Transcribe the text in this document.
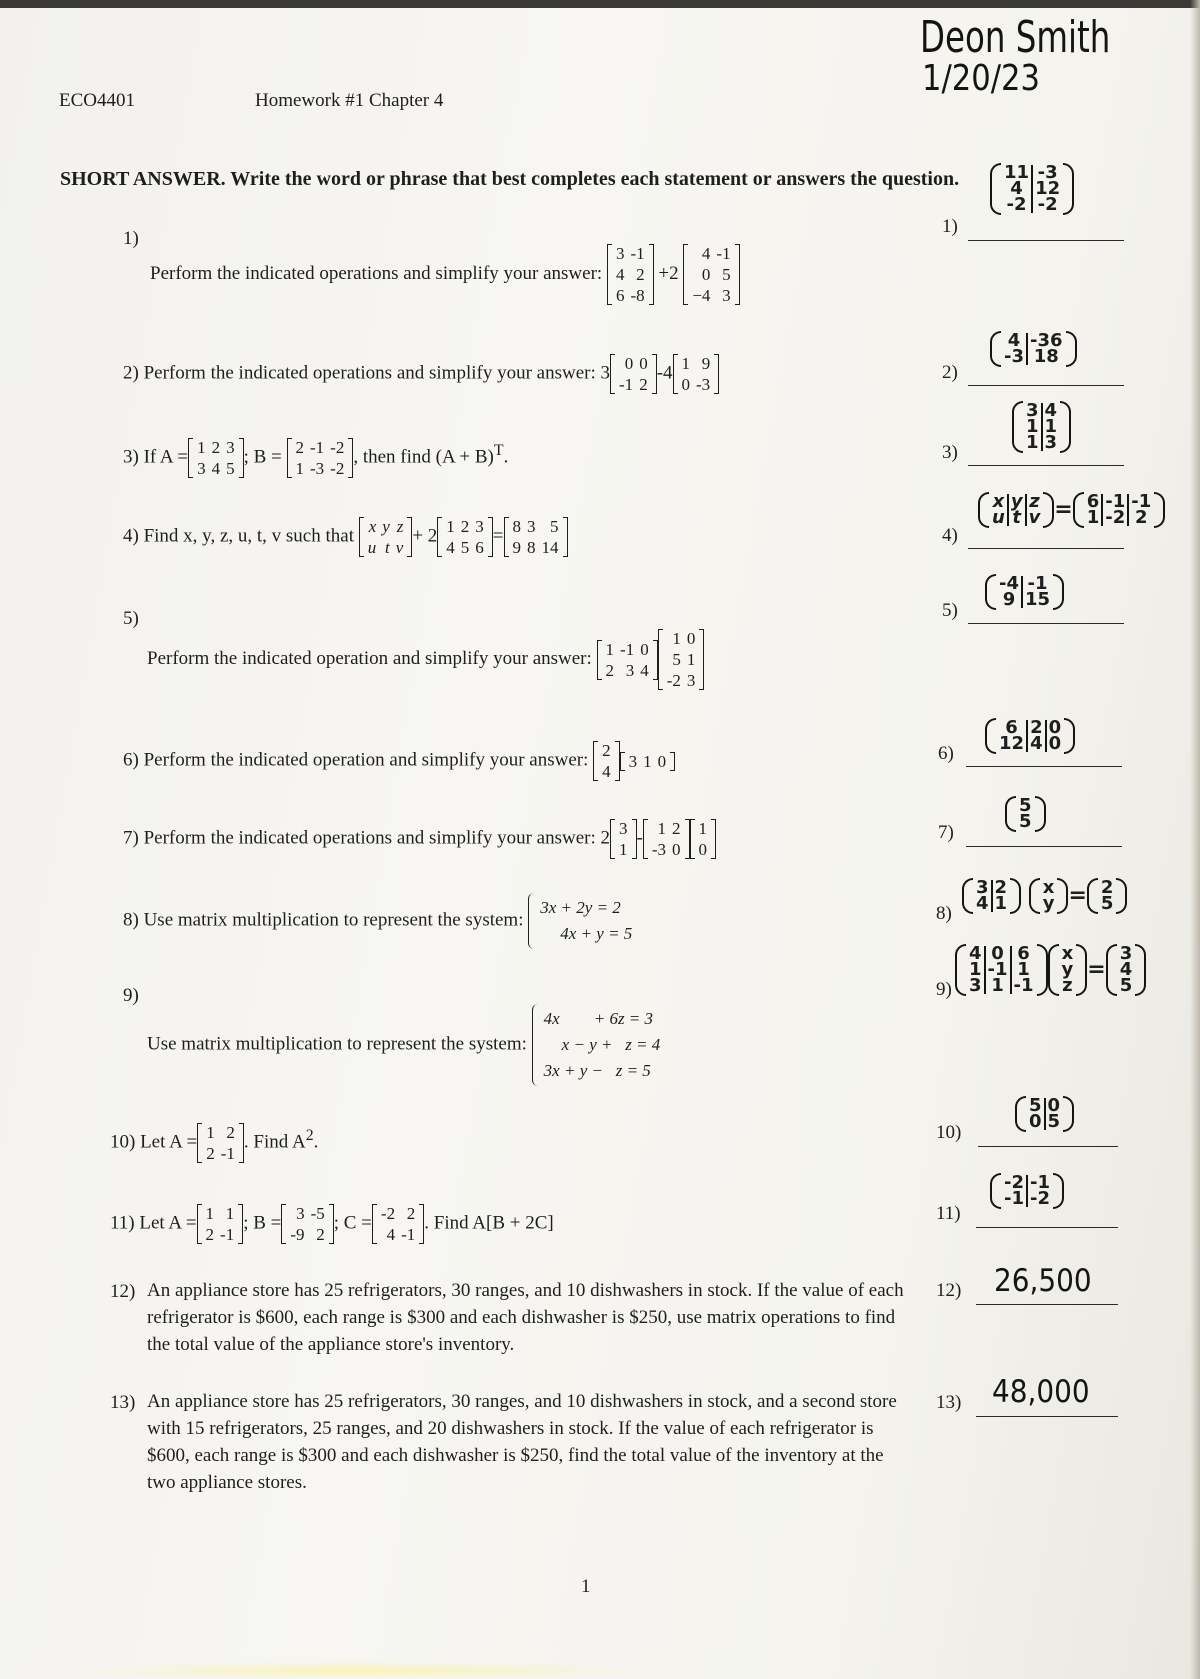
Deon Smith
1/20/23
ECO4401	Homework #1 Chapter 4
SHORT ANSWER. Write the word or phrase that best completes each statement or answers the question.
1)
Perform the indicated operations and simplify your answer:
3	-1
4	2
6	-8
+2
4	-1
0	5
−4	3
2) Perform the indicated operations and simplify your answer: 3 0	0
-1	2
-4 1	9
0	-3
3) If A = 1	2	3
3	4	5
; B = 2	-1	-2
1	-3	-2
, then find $(A + B)^T$.
4) Find x, y, z, u, t, v such that x	y	z
u	t	v
+ 2 1	2	3
4	5	6
= 8	3	5
9	8	14
5)
Perform the indicated operation and simplify your answer: 1	-1	0
2	3	4
1	0
5	1
-2	3
6) Perform the indicated operation and simplify your answer: 2
4
3	1	0
7) Perform the indicated operations and simplify your answer: 2 3
1
- 1	2
-3	0
1
0
8) Use matrix multiplication to represent the system:
3x + 2y = 2
4x + y = 5
9)
Use matrix multiplication to represent the system:
4x        + 6z = 3
x − y +   z = 4
3x + y −   z = 5
10) Let A = 1	2
2	-1
. Find $A^2$.
11) Let A = 1	1
2	-1
; B = 3	-5
-9	2
; C = -2	2
4	-1
. Find A[B + 2C]
12) An appliance store has 25 refrigerators, 30 ranges, and 10 dishwashers in stock. If the value of each refrigerator is $600, each range is $300 and each dishwasher is $250, use matrix operations to find the total value of the appliance store's inventory.
13) An appliance store has 25 refrigerators, 30 ranges, and 10 dishwashers in stock, and a second store with 15 refrigerators, 25 ranges, and 20 dishwashers in stock. If the value of each refrigerator is $600, each range is $300 and each dishwasher is $250, find the total value of the inventory at the two appliance stores.
1
1)
11	-3
4	12
-2	-2
2)
4	-36
-3	18
3)
3	4
1	1
1	3
4)
x	y	z
u	t	v = 6	-1	-1
1	-2	2
5)
-4	-1
9	15
6)
6	2	0
12	4	0
7)
5
5
8)
3	2
4	1

x
y = 2
5
9)
4	0	6
1	-1	1
3	1	-1
x
y
z
=
3
4
5
10)
5	0
0	5
11)
-2	-1
-1	-2
12) 26,500
13) 48,000
